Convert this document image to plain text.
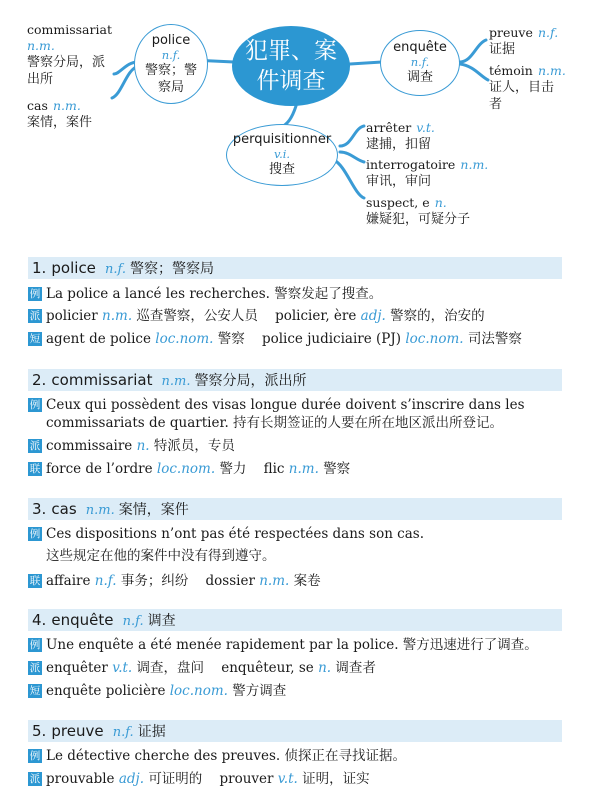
commissariat
n.m.
警察分局，派
出所
cas n.m.
案情，案件
preuve n.f.
证据
témoin n.m.
证人，目击
者
arrêter v.t.
逮捕，扣留
interrogatoire n.m.
审讯，审问
suspect, e n.
嫌疑犯，可疑分子
police
n.f.
警察；警
察局
enquête
n.f.
调查
perquisitionner
v.i.
搜查
犯罪、案
件调查
1. police n.f. 警察；警察局
例 La police a lancé les recherches. 警察发起了搜查。
派 policier n.m. 巡查警察，公安人员 policier, ère adj. 警察的，治安的
短 agent de police loc.nom. 警察 police judiciaire (PJ) loc.nom. 司法警察
2. commissariat n.m. 警察分局，派出所
例 Ceux qui possèdent des visas longue durée doivent s’inscrire dans les
commissariats de quartier. 持有长期签证的人要在所在地区派出所登记。
派 commissaire n. 特派员，专员
联 force de l’ordre loc.nom. 警力 flic n.m. 警察
3. cas n.m. 案情，案件
例 Ces dispositions n’ont pas été respectées dans son cas.
这些规定在他的案件中没有得到遵守。
联 affaire n.f. 事务；纠纷 dossier n.m. 案卷
4. enquête n.f. 调查
例 Une enquête a été menée rapidement par la police. 警方迅速进行了调查。
派 enquêter v.t. 调查，盘问 enquêteur, se n. 调查者
短 enquête policière loc.nom. 警方调查
5. preuve n.f. 证据
例 Le détective cherche des preuves. 侦探正在寻找证据。
派 prouvable adj. 可证明的 prouver v.t. 证明，证实
